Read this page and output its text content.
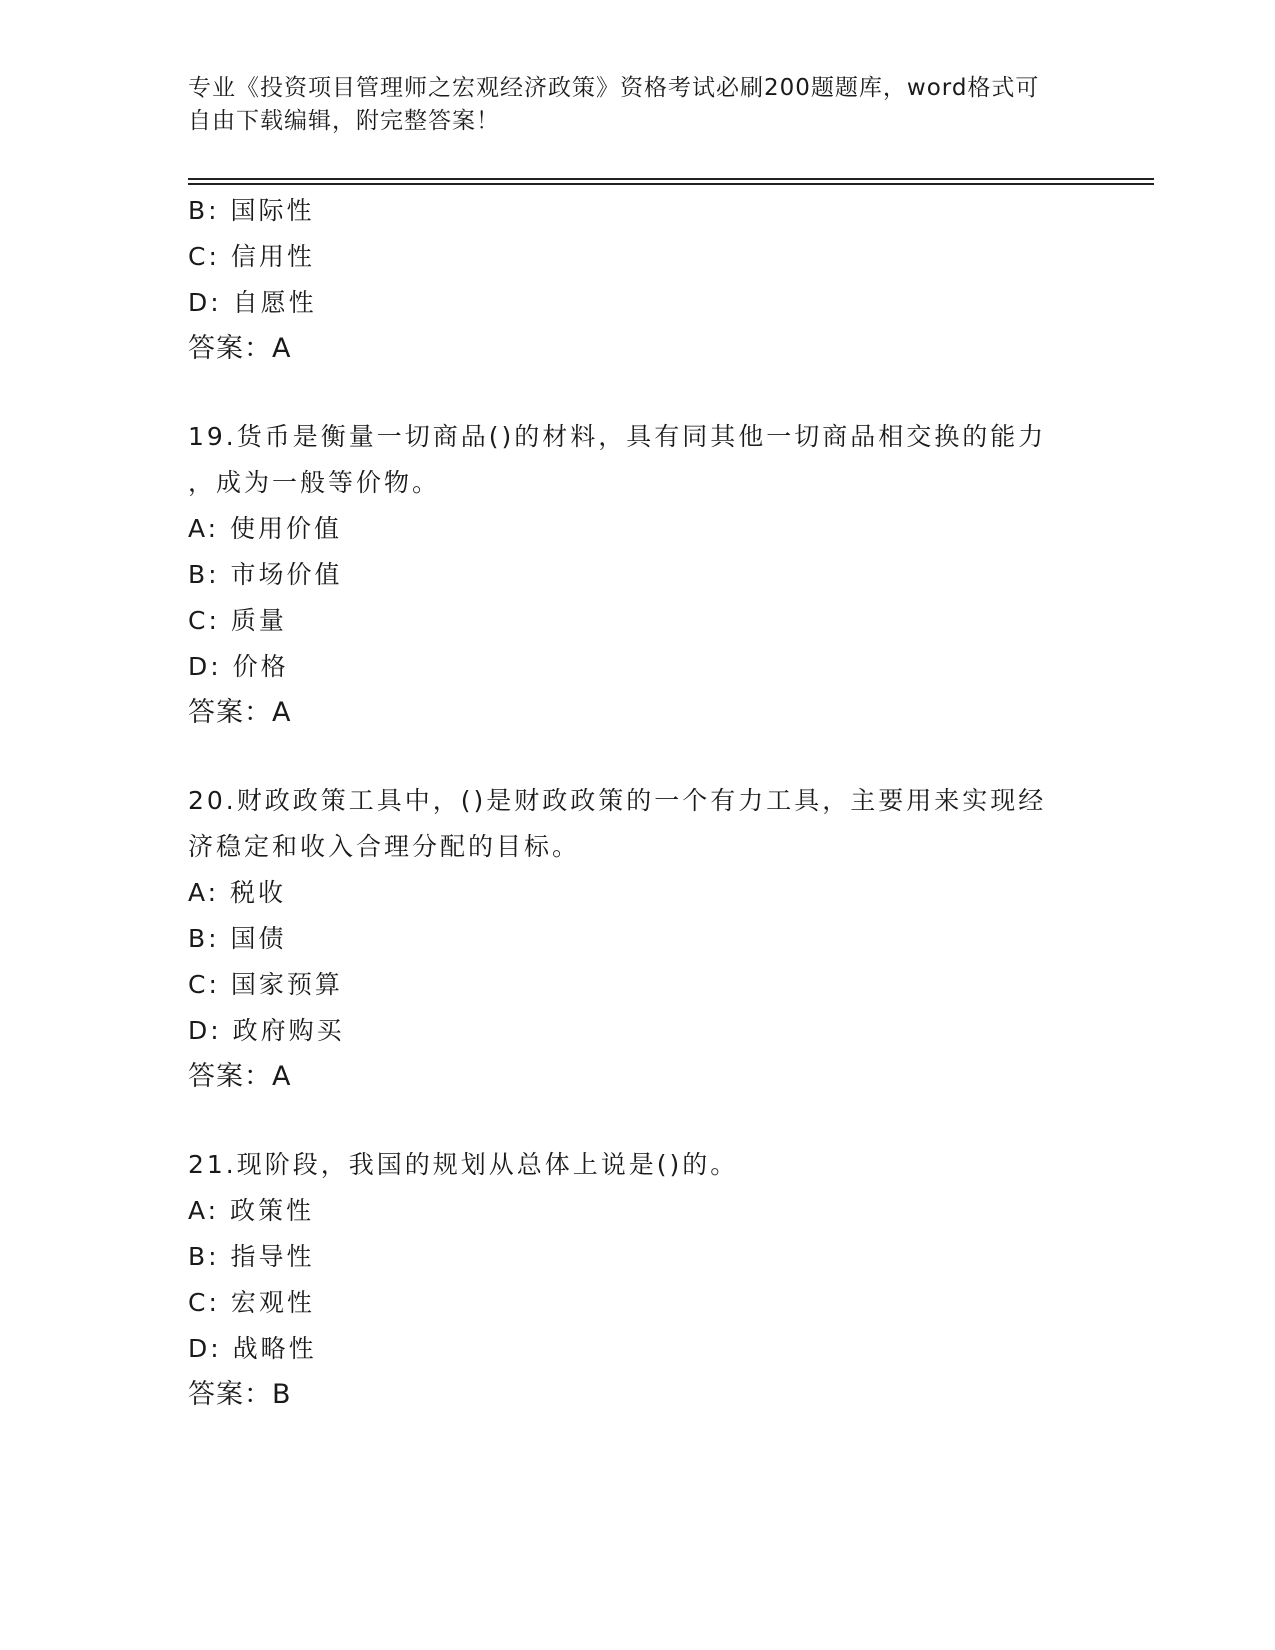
专业《投资项目管理师之宏观经济政策》资格考试必刷200题题库，word格式可
自由下载编辑，附完整答案！
B: 国际性
C: 信用性
D: 自愿性
答案：A
19.货币是衡量一切商品()的材料，具有同其他一切商品相交换的能力
，成为一般等价物。
A: 使用价值
B: 市场价值
C: 质量
D: 价格
答案：A
20.财政政策工具中，()是财政政策的一个有力工具，主要用来实现经
济稳定和收入合理分配的目标。
A: 税收
B: 国债
C: 国家预算
D: 政府购买
答案：A
21.现阶段，我国的规划从总体上说是()的。
A: 政策性
B: 指导性
C: 宏观性
D: 战略性
答案：B
